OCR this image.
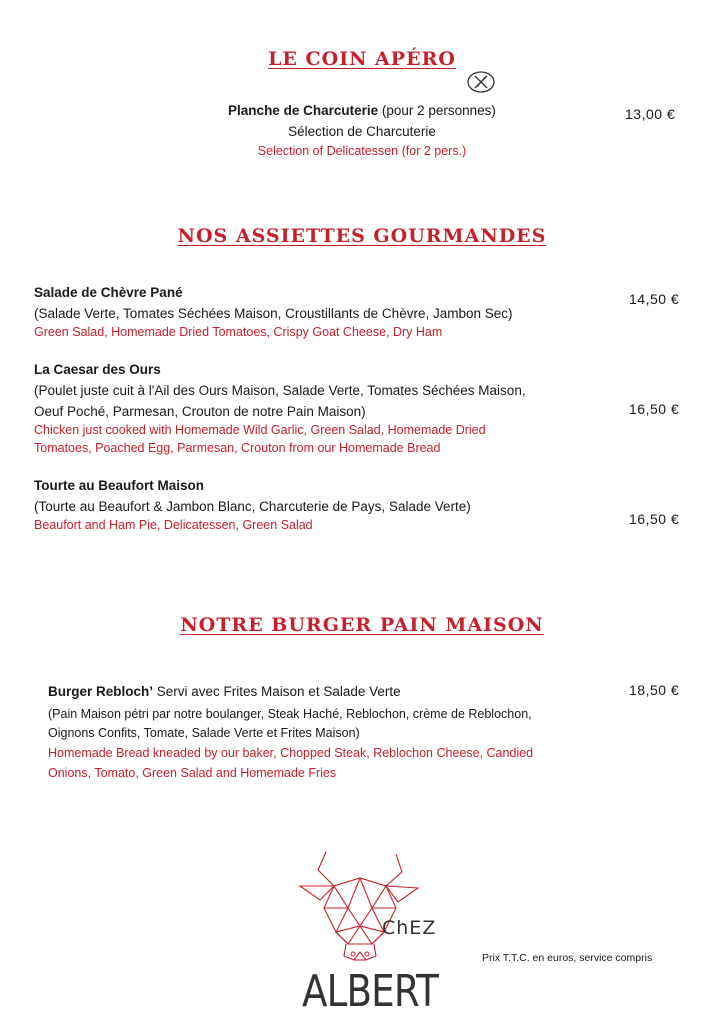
LE COIN APÉRO
Planche de Charcuterie (pour 2 personnes)
Sélection de Charcuterie
Selection of Delicatessen (for 2 pers.)
13,00 €
NOS ASSIETTES GOURMANDES
Salade de Chèvre Pané
(Salade Verte, Tomates Séchées Maison, Croustillants de Chèvre, Jambon Sec)
Green Salad, Homemade Dried Tomatoes, Crispy Goat Cheese, Dry Ham
14,50 €
La Caesar des Ours
(Poulet juste cuit à l'Ail des Ours Maison, Salade Verte, Tomates Séchées Maison,
Oeuf Poché, Parmesan, Crouton de notre Pain Maison)
Chicken just cooked with Homemade Wild Garlic, Green Salad, Homemade Dried
Tomatoes, Poached Egg, Parmesan, Crouton from our Homemade Bread
16,50 €
Tourte au Beaufort Maison
(Tourte au Beaufort & Jambon Blanc, Charcuterie de Pays, Salade Verte)
Beaufort and Ham Pie, Delicatessen, Green Salad	16,50 €
NOTRE BURGER PAIN MAISON
Burger Rebloch’ Servi avec Frites Maison et Salade Verte
(Pain Maison pétri par notre boulanger, Steak Haché, Reblochon, crème de Reblochon,
Oignons Confits, Tomate, Salade Verte et Frites Maison)
Homemade Bread kneaded by our baker, Chopped Steak, Reblochon Cheese, Candied
Onions, Tomato, Green Salad and Homemade Fries
18,50 €
ChEZ
ALBERT
Prix T.T.C. en euros, service compris
